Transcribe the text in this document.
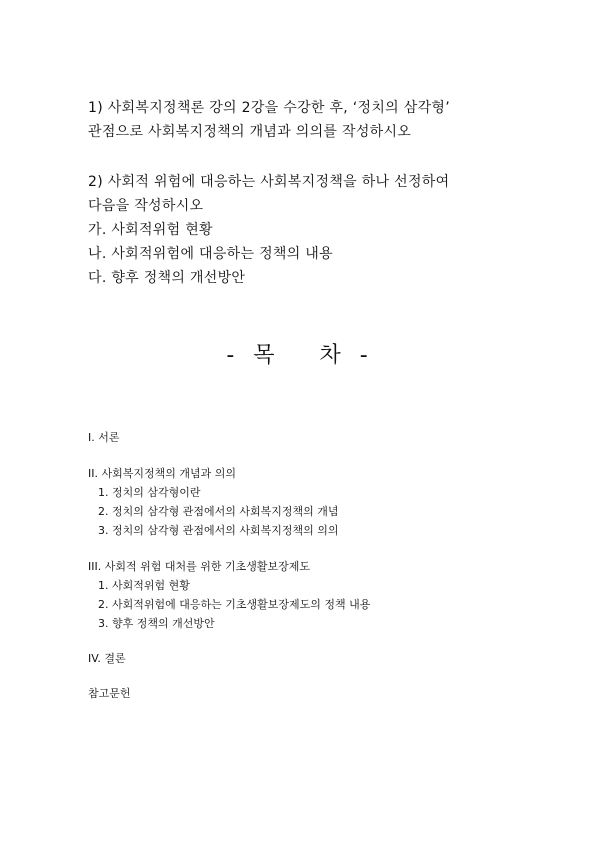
1) 사회복지정책론 강의 2강을 수강한 후, ‘정치의 삼각형’
관점으로 사회복지정책의 개념과 의의를 작성하시오
2) 사회적 위험에 대응하는 사회복지정책을 하나 선정하여
다음을 작성하시오
가. 사회적위험 현황
나. 사회적위험에 대응하는 정책의 내용
다. 향후 정책의 개선방안
- 목   차 -
I. 서론
II. 사회복지정책의 개념과 의의
1. 정치의 삼각형이란
2. 정치의 삼각형 관점에서의 사회복지정책의 개념
3. 정치의 삼각형 관점에서의 사회복지정책의 의의
III. 사회적 위험 대처를 위한 기초생활보장제도
1. 사회적위험 현황
2. 사회적위험에 대응하는 기초생활보장제도의 정책 내용
3. 향후 정책의 개선방안
IV. 결론
참고문헌
